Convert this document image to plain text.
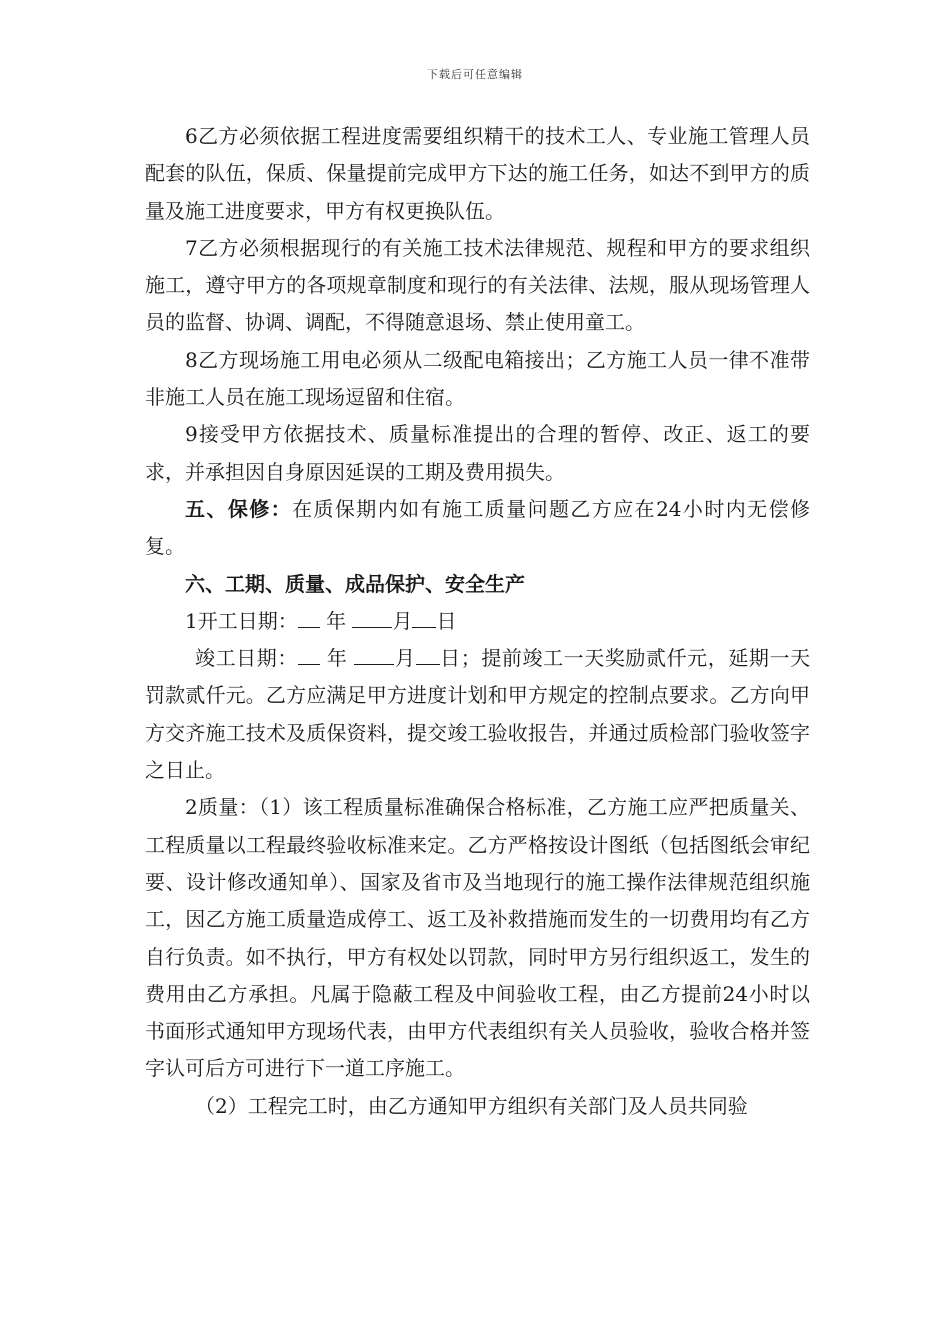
下载后可任意编辑

6乙方必须依据工程进度需要组织精干的技术工人、专业施工管理人员配套的队伍，保质、保量提前完成甲方下达的施工任务，如达不到甲方的质量及施工进度要求，甲方有权更换队伍。

7乙方必须根据现行的有关施工技术法律规范、规程和甲方的要求组织施工，遵守甲方的各项规章制度和现行的有关法律、法规，服从现场管理人员的监督、协调、调配，不得随意退场、禁止使用童工。

8乙方现场施工用电必须从二级配电箱接出；乙方施工人员一律不准带非施工人员在施工现场逗留和住宿。

9接受甲方依据技术、质量标准提出的合理的暂停、改正、返工的要求，并承担因自身原因延误的工期及费用损失。

五、保修：在质保期内如有施工质量问题乙方应在24小时内无偿修复。

六、工期、质量、成品保护、安全生产

1开工日期： 年 月 日

竣工日期： 年 月 日；提前竣工一天奖励贰仟元，延期一天罚款贰仟元。乙方应满足甲方进度计划和甲方规定的控制点要求。乙方向甲方交齐施工技术及质保资料，提交竣工验收报告，并通过质检部门验收签字之日止。

2质量：（1）该工程质量标准确保合格标准，乙方施工应严把质量关、工程质量以工程最终验收标准来定。乙方严格按设计图纸（包括图纸会审纪要、设计修改通知单）、国家及省市及当地现行的施工操作法律规范组织施工，因乙方施工质量造成停工、返工及补救措施而发生的一切费用均有乙方自行负责。如不执行，甲方有权处以罚款，同时甲方另行组织返工，发生的费用由乙方承担。凡属于隐蔽工程及中间验收工程，由乙方提前24小时以书面形式通知甲方现场代表，由甲方代表组织有关人员验收，验收合格并签字认可后方可进行下一道工序施工。

（2）工程完工时，由乙方通知甲方组织有关部门及人员共同验
